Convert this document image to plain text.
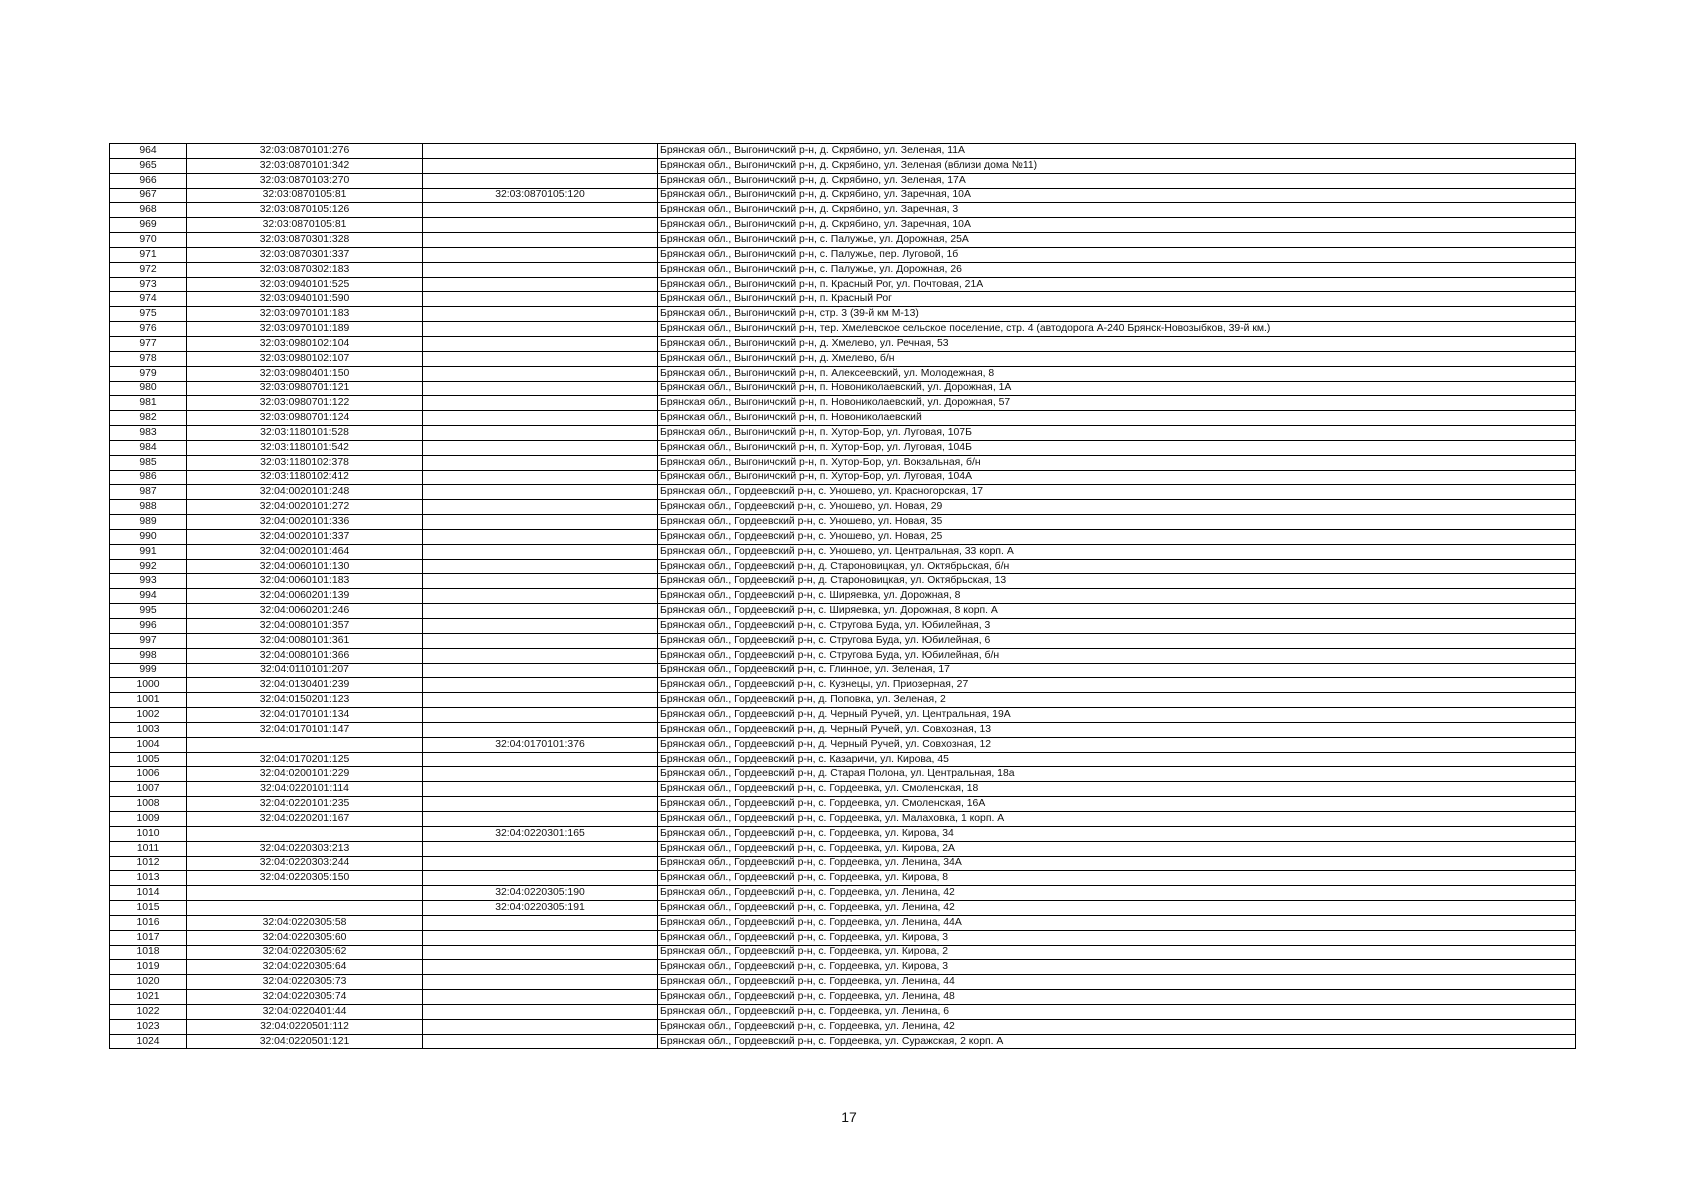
964	32:03:0870101:276		Брянская обл., Выгоничский р-н, д. Скрябино, ул. Зеленая, 11А
965	32:03:0870101:342		Брянская обл., Выгоничский р-н, д. Скрябино, ул. Зеленая (вблизи дома №11)
966	32:03:0870103:270		Брянская обл., Выгоничский р-н, д. Скрябино, ул. Зеленая, 17А
967	32:03:0870105:81	32:03:0870105:120	Брянская обл., Выгоничский р-н, д. Скрябино, ул. Заречная, 10А
968	32:03:0870105:126		Брянская обл., Выгоничский р-н, д. Скрябино, ул. Заречная, 3
969	32:03:0870105:81		Брянская обл., Выгоничский р-н, д. Скрябино, ул. Заречная, 10А
970	32:03:0870301:328		Брянская обл., Выгоничский р-н, с. Палужье, ул. Дорожная, 25А
971	32:03:0870301:337		Брянская обл., Выгоничский р-н, с. Палужье, пер. Луговой, 1б
972	32:03:0870302:183		Брянская обл., Выгоничский р-н, с. Палужье, ул. Дорожная, 26
973	32:03:0940101:525		Брянская обл., Выгоничский р-н, п. Красный Рог, ул. Почтовая, 21А
974	32:03:0940101:590		Брянская обл., Выгоничский р-н, п. Красный Рог
975	32:03:0970101:183		Брянская обл., Выгоничский р-н, стр. 3 (39-й км М-13)
976	32:03:0970101:189		Брянская обл., Выгоничский р-н, тер. Хмелевское сельское поселение, стр. 4 (автодорога А-240 Брянск-Новозыбков, 39-й км.)
977	32:03:0980102:104		Брянская обл., Выгоничский р-н, д. Хмелево, ул. Речная, 53
978	32:03:0980102:107		Брянская обл., Выгоничский р-н, д. Хмелево, б/н
979	32:03:0980401:150		Брянская обл., Выгоничский р-н, п. Алексеевский, ул. Молодежная, 8
980	32:03:0980701:121		Брянская обл., Выгоничский р-н, п. Новониколаевский, ул. Дорожная, 1А
981	32:03:0980701:122		Брянская обл., Выгоничский р-н, п. Новониколаевский, ул. Дорожная, 57
982	32:03:0980701:124		Брянская обл., Выгоничский р-н, п. Новониколаевский
983	32:03:1180101:528		Брянская обл., Выгоничский р-н, п. Хутор-Бор, ул. Луговая, 107Б
984	32:03:1180101:542		Брянская обл., Выгоничский р-н, п. Хутор-Бор, ул. Луговая, 104Б
985	32:03:1180102:378		Брянская обл., Выгоничский р-н, п. Хутор-Бор, ул. Вокзальная, б/н
986	32:03:1180102:412		Брянская обл., Выгоничский р-н, п. Хутор-Бор, ул. Луговая, 104А
987	32:04:0020101:248		Брянская обл., Гордеевский р-н, с. Уношево, ул. Красногорская, 17
988	32:04:0020101:272		Брянская обл., Гордеевский р-н, с. Уношево, ул. Новая, 29
989	32:04:0020101:336		Брянская обл., Гордеевский р-н, с. Уношево, ул. Новая, 35
990	32:04:0020101:337		Брянская обл., Гордеевский р-н, с. Уношево, ул. Новая, 25
991	32:04:0020101:464		Брянская обл., Гордеевский р-н, с. Уношево, ул. Центральная, 33 корп. А
992	32:04:0060101:130		Брянская обл., Гордеевский р-н, д. Староновицкая, ул. Октябрьская, б/н
993	32:04:0060101:183		Брянская обл., Гордеевский р-н, д. Староновицкая, ул. Октябрьская, 13
994	32:04:0060201:139		Брянская обл., Гордеевский р-н, с. Ширяевка, ул. Дорожная, 8
995	32:04:0060201:246		Брянская обл., Гордеевский р-н, с. Ширяевка, ул. Дорожная, 8 корп. А
996	32:04:0080101:357		Брянская обл., Гордеевский р-н, с. Стругова Буда, ул. Юбилейная, 3
997	32:04:0080101:361		Брянская обл., Гордеевский р-н, с. Стругова Буда, ул. Юбилейная, 6
998	32:04:0080101:366		Брянская обл., Гордеевский р-н, с. Стругова Буда, ул. Юбилейная, б/н
999	32:04:0110101:207		Брянская обл., Гордеевский р-н, с. Глинное, ул. Зеленая, 17
1000	32:04:0130401:239		Брянская обл., Гордеевский р-н, с. Кузнецы, ул. Приозерная, 27
1001	32:04:0150201:123		Брянская обл., Гордеевский р-н, д. Поповка, ул. Зеленая, 2
1002	32:04:0170101:134		Брянская обл., Гордеевский р-н, д. Черный Ручей, ул. Центральная, 19А
1003	32:04:0170101:147		Брянская обл., Гордеевский р-н, д. Черный Ручей, ул. Совхозная, 13
1004		32:04:0170101:376	Брянская обл., Гордеевский р-н, д. Черный Ручей, ул. Совхозная, 12
1005	32:04:0170201:125		Брянская обл., Гордеевский р-н, с. Казаричи, ул. Кирова, 45
1006	32:04:0200101:229		Брянская обл., Гордеевский р-н, д. Старая Полона, ул. Центральная, 18а
1007	32:04:0220101:114		Брянская обл., Гордеевский р-н, с. Гордеевка, ул. Смоленская, 18
1008	32:04:0220101:235		Брянская обл., Гордеевский р-н, с. Гордеевка, ул. Смоленская, 16А
1009	32:04:0220201:167		Брянская обл., Гордеевский р-н, с. Гордеевка, ул. Малаховка, 1 корп. А
1010		32:04:0220301:165	Брянская обл., Гордеевский р-н, с. Гордеевка, ул. Кирова, 34
1011	32:04:0220303:213		Брянская обл., Гордеевский р-н, с. Гордеевка, ул. Кирова, 2А
1012	32:04:0220303:244		Брянская обл., Гордеевский р-н, с. Гордеевка, ул. Ленина, 34А
1013	32:04:0220305:150		Брянская обл., Гордеевский р-н, с. Гордеевка, ул. Кирова, 8
1014		32:04:0220305:190	Брянская обл., Гордеевский р-н, с. Гордеевка, ул. Ленина, 42
1015		32:04:0220305:191	Брянская обл., Гордеевский р-н, с. Гордеевка, ул. Ленина, 42
1016	32:04:0220305:58		Брянская обл., Гордеевский р-н, с. Гордеевка, ул. Ленина, 44А
1017	32:04:0220305:60		Брянская обл., Гордеевский р-н, с. Гордеевка, ул. Кирова, 3
1018	32:04:0220305:62		Брянская обл., Гордеевский р-н, с. Гордеевка, ул. Кирова, 2
1019	32:04:0220305:64		Брянская обл., Гордеевский р-н, с. Гордеевка, ул. Кирова, 3
1020	32:04:0220305:73		Брянская обл., Гордеевский р-н, с. Гордеевка, ул. Ленина, 44
1021	32:04:0220305:74		Брянская обл., Гордеевский р-н, с. Гордеевка, ул. Ленина, 48
1022	32:04:0220401:44		Брянская обл., Гордеевский р-н, с. Гордеевка, ул. Ленина, 6
1023	32:04:0220501:112		Брянская обл., Гордеевский р-н, с. Гордеевка, ул. Ленина, 42
1024	32:04:0220501:121		Брянская обл., Гордеевский р-н, с. Гордеевка, ул. Суражская, 2 корп. А
17
